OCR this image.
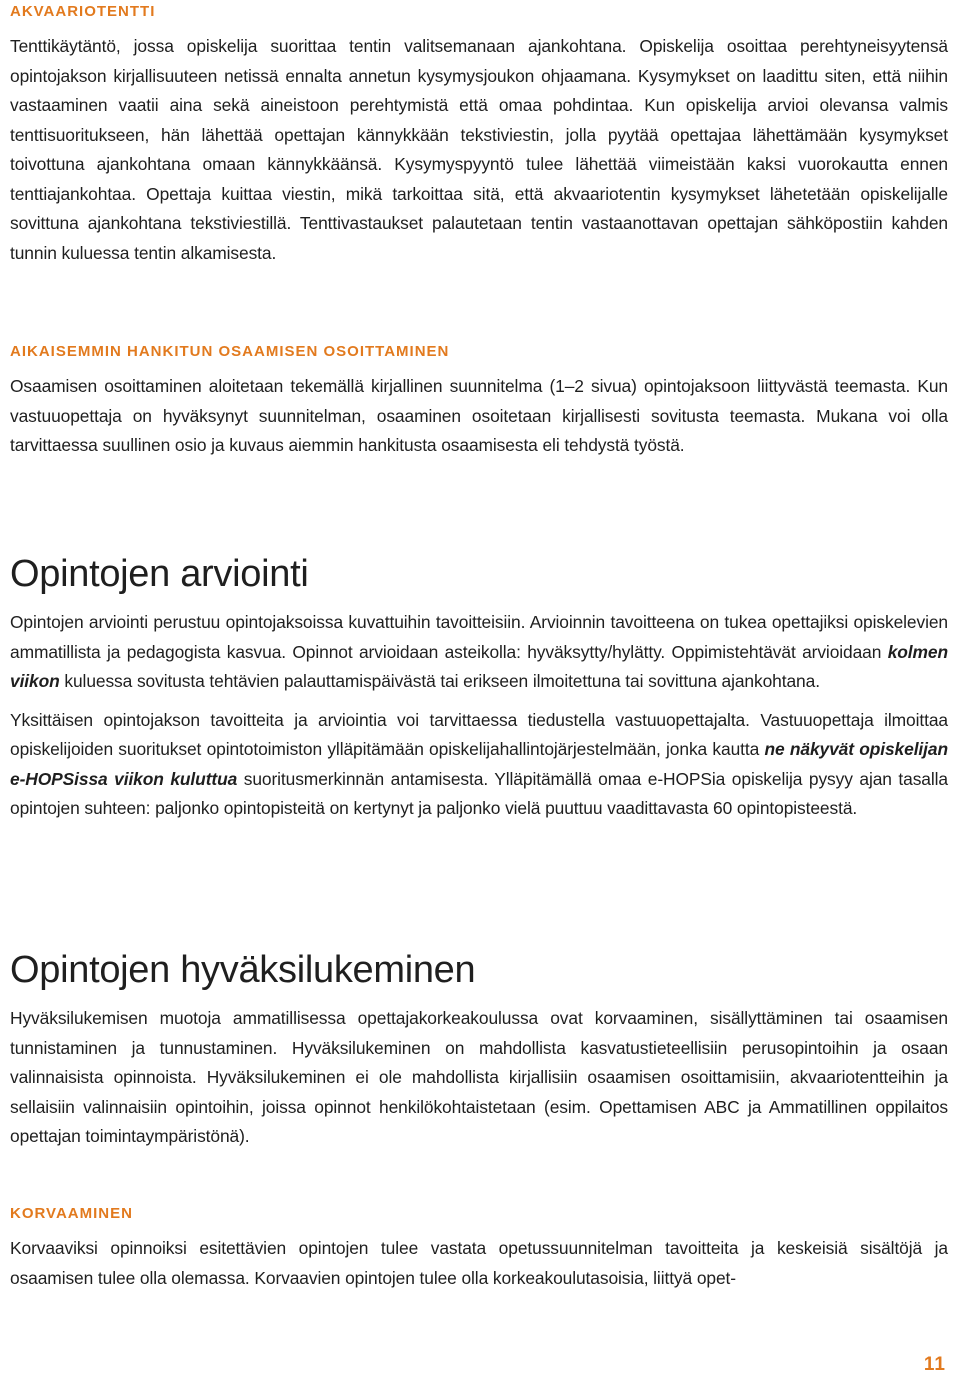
AKVAARIOTENTTI

Tenttikäytäntö, jossa opiskelija suorittaa tentin valitsemanaan ajankohtana. Opiskelija osoittaa perehtyneisyytensä opintojakson kirjallisuuteen netissä ennalta annetun kysymysjoukon ohjaamana. Kysymykset on laadittu siten, että niihin vastaaminen vaatii aina sekä aineistoon perehtymistä että omaa pohdintaa. Kun opiskelija arvioi olevansa valmis tenttisuoritukseen, hän lähettää opettajan kännykkään tekstiviestin, jolla pyytää opettajaa lähettämään kysymykset toivottuna ajankohtana omaan kännykkäänsä. Kysymyspyyntö tulee lähettää viimeistään kaksi vuorokautta ennen tenttiajankohtaa. Opettaja kuittaa viestin, mikä tarkoittaa sitä, että akvaariotentin kysymykset lähetetään opiskelijalle sovittuna ajankohtana tekstiviestillä. Tenttivastaukset palautetaan tentin vastaanottavan opettajan sähköpostiin kahden tunnin kuluessa tentin alkamisesta.

AIKAISEMMIN HANKITUN OSAAMISEN OSOITTAMINEN

Osaamisen osoittaminen aloitetaan tekemällä kirjallinen suunnitelma (1–2 sivua) opintojaksoon liittyvästä teemasta. Kun vastuuopettaja on hyväksynyt suunnitelman, osaaminen osoitetaan kirjallisesti sovitusta teemasta. Mukana voi olla tarvittaessa suullinen osio ja kuvaus aiemmin hankitusta osaamisesta eli tehdystä työstä.

Opintojen arviointi

Opintojen arviointi perustuu opintojaksoissa kuvattuihin tavoitteisiin. Arvioinnin tavoitteena on tukea opettajiksi opiskelevien ammatillista ja pedagogista kasvua. Opinnot arvioidaan asteikolla: hyväksytty/hylätty. Oppimistehtävät arvioidaan kolmen viikon kuluessa sovitusta tehtävien palauttamispäivästä tai erikseen ilmoitettuna tai sovittuna ajankohtana.

Yksittäisen opintojakson tavoitteita ja arviointia voi tarvittaessa tiedustella vastuuopettajalta. Vastuuopettaja ilmoittaa opiskelijoiden suoritukset opintotoimiston ylläpitämään opiskelijahallintojärjestelmään, jonka kautta ne näkyvät opiskelijan e-HOPSissa viikon kuluttua suoritusmerkinnän antamisesta. Ylläpitämällä omaa e-HOPSia opiskelija pysyy ajan tasalla opintojen suhteen: paljonko opintopisteitä on kertynyt ja paljonko vielä puuttuu vaadittavasta 60 opintopisteestä.

Opintojen hyväksilukeminen

Hyväksilukemisen muotoja ammatillisessa opettajakorkeakoulussa ovat korvaaminen, sisällyttäminen tai osaamisen tunnistaminen ja tunnustaminen. Hyväksilukeminen on mahdollista kasvatustieteellisiin perusopintoihin ja osaan valinnaisista opinnoista. Hyväksilukeminen ei ole mahdollista kirjallisiin osaamisen osoittamisiin, akvaariotentteihin ja sellaisiin valinnaisiin opintoihin, joissa opinnot henkilökohtaistetaan (esim. Opettamisen ABC ja Ammatillinen oppilaitos opettajan toimintaympäristönä).

KORVAAMINEN

Korvaaviksi opinnoiksi esitettävien opintojen tulee vastata opetussuunnitelman tavoitteita ja keskeisiä sisältöjä ja osaamisen tulee olla olemassa. Korvaavien opintojen tulee olla korkeakoulutasoisia, liittyä opet-

11
